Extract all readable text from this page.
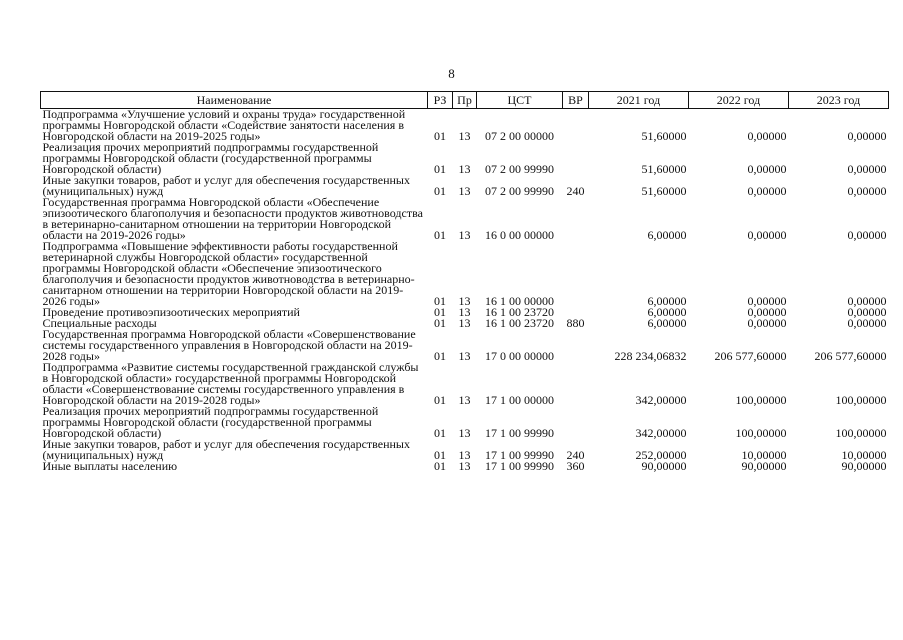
8
Наименование	РЗ	Пр	ЦСТ	ВР	2021 год	2022 год	2023 год
Подпрограмма «Улучшение условий и охраны труда» государственной программы Новгородской области «Содействие занятости населения в Новгородской области на 2019-2025 годы»	01	13	07 2 00 00000		51,60000	0,00000	0,00000
Реализация прочих мероприятий подпрограммы государственной программы Новгородской области (государственной программы Новгородской области)	01	13	07 2 00 99990		51,60000	0,00000	0,00000
Иные закупки товаров, работ и услуг для обеспечения государственных (муниципальных) нужд	01	13	07 2 00 99990	240	51,60000	0,00000	0,00000
Государственная программа Новгородской области «Обеспечение эпизоотического благополучия и безопасности продуктов животноводства в ветеринарно-санитарном отношении на территории Новгородской области на 2019-2026 годы»	01	13	16 0 00 00000		6,00000	0,00000	0,00000
Подпрограмма «Повышение эффективности работы государственной ветеринарной службы Новгородской области» государственной программы Новгородской области «Обеспечение эпизоотического благополучия и безопасности продуктов животноводства в ветеринарно-санитарном отношении на территории Новгородской области на 2019-2026 годы»	01	13	16 1 00 00000		6,00000	0,00000	0,00000
Проведение противоэпизоотических мероприятий	01	13	16 1 00 23720		6,00000	0,00000	0,00000
Специальные расходы	01	13	16 1 00 23720	880	6,00000	0,00000	0,00000
Государственная программа Новгородской области «Совершенствование системы государственного управления в Новгородской области на 2019-2028 годы»	01	13	17 0 00 00000		228 234,06832	206 577,60000	206 577,60000
Подпрограмма «Развитие системы государственной гражданской службы в Новгородской области» государственной программы Новгородской области «Совершенствование системы государственного управления в Новгородской области на 2019-2028 годы»	01	13	17 1 00 00000		342,00000	100,00000	100,00000
Реализация прочих мероприятий подпрограммы государственной программы Новгородской области (государственной программы Новгородской области)	01	13	17 1 00 99990		342,00000	100,00000	100,00000
Иные закупки товаров, работ и услуг для обеспечения государственных (муниципальных) нужд	01	13	17 1 00 99990	240	252,00000	10,00000	10,00000
Иные выплаты населению	01	13	17 1 00 99990	360	90,00000	90,00000	90,00000
